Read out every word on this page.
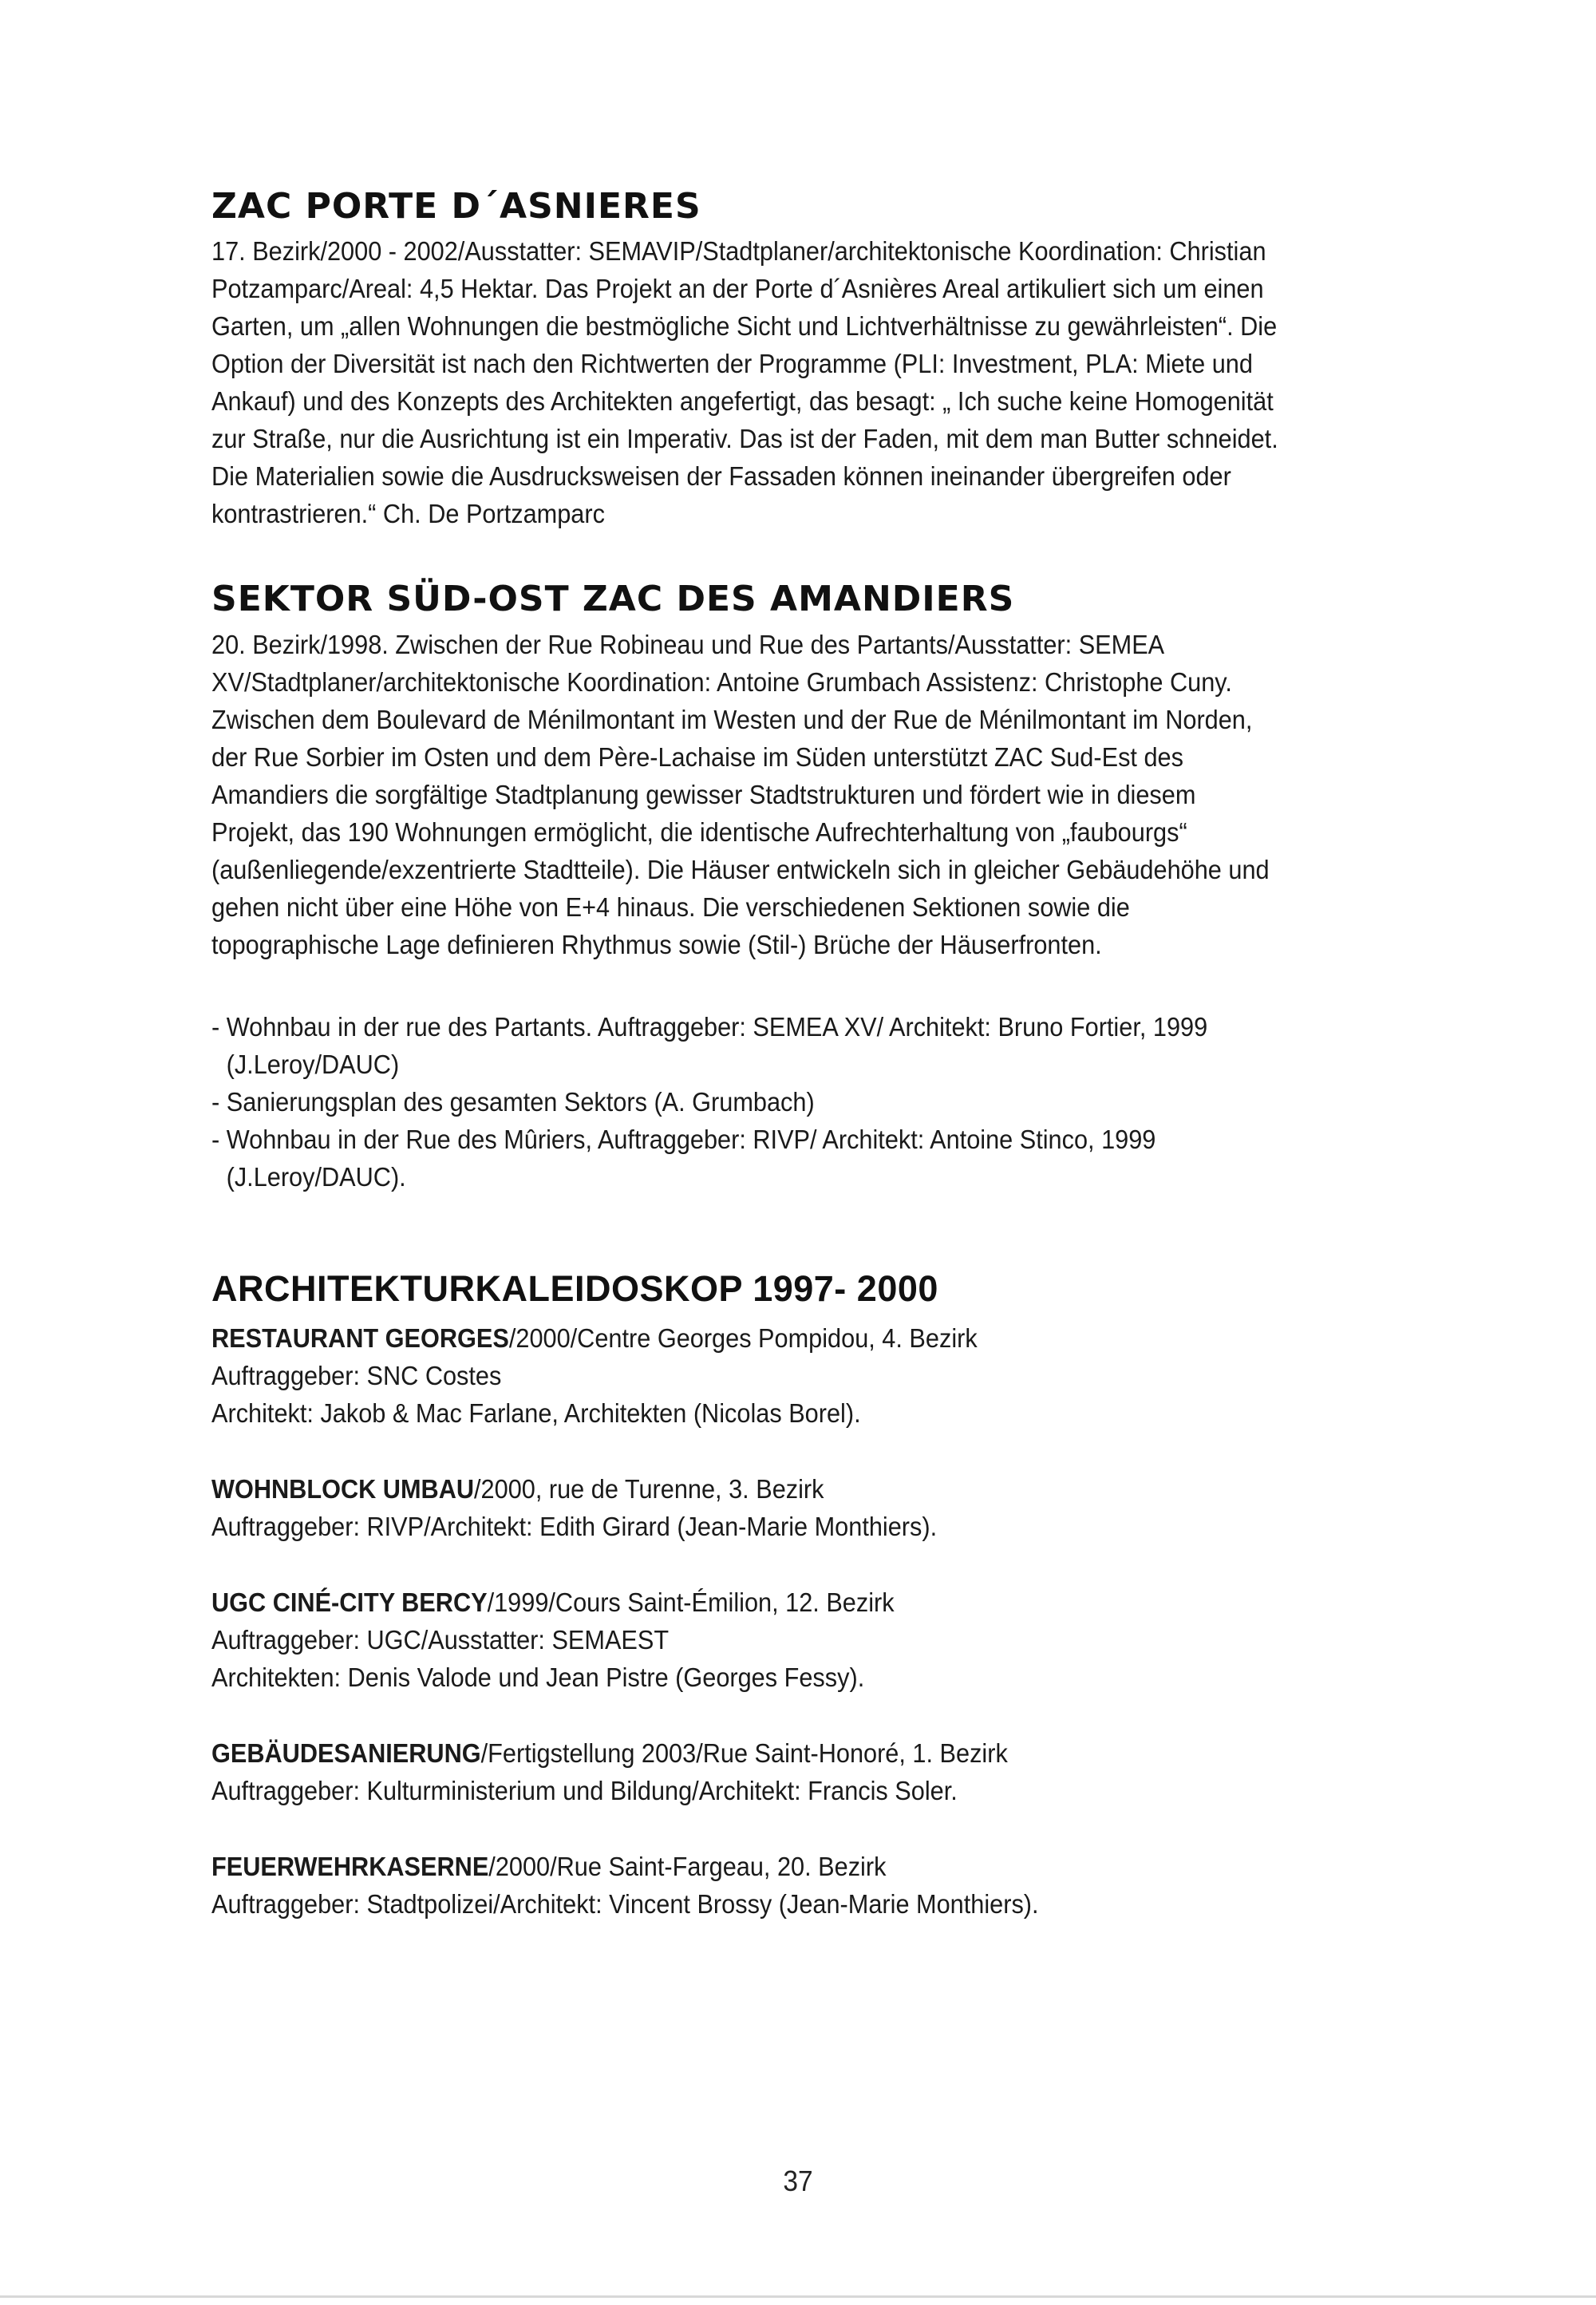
ZAC PORTE D´ASNIERES

17. Bezirk/2000 - 2002/Ausstatter: SEMAVIP/Stadtplaner/architektonische Koordination: Christian Potzamparc/Areal: 4,5 Hektar. Das Projekt an der Porte d´Asnières Areal artikuliert sich um einen Garten, um „allen Wohnungen die bestmögliche Sicht und Lichtverhältnisse zu gewährleisten“. Die Option der Diversität ist nach den Richtwerten der Programme (PLI: Investment, PLA: Miete und Ankauf) und des Konzepts des Architekten angefertigt, das besagt: „ Ich suche keine Homogenität zur Straße, nur die Ausrichtung ist ein Imperativ. Das ist der Faden, mit dem man Butter schneidet. Die Materialien sowie die Ausdrucksweisen der Fassaden können ineinander übergreifen oder kontrastrieren.“ Ch. De Portzamparc

SEKTOR SÜD-OST ZAC DES AMANDIERS

20. Bezirk/1998. Zwischen der Rue Robineau und Rue des Partants/Ausstatter: SEMEA XV/Stadtplaner/architektonische Koordination: Antoine Grumbach Assistenz: Christophe Cuny. Zwischen dem Boulevard de Ménilmontant im Westen und der Rue de Ménilmontant im Norden, der Rue Sorbier im Osten und dem Père-Lachaise im Süden unterstützt ZAC Sud-Est des Amandiers die sorgfältige Stadtplanung gewisser Stadtstrukturen und fördert wie in diesem Projekt, das 190 Wohnungen ermöglicht, die identische Aufrechterhaltung von „faubourgs“ (außenliegende/exzentrierte Stadtteile). Die Häuser entwickeln sich in gleicher Gebäudehöhe und gehen nicht über eine Höhe von E+4 hinaus. Die verschiedenen Sektionen sowie die topographische Lage definieren Rhythmus sowie (Stil-) Brüche der Häuserfronten.

- Wohnbau in der rue des Partants. Auftraggeber: SEMEA XV/ Architekt: Bruno Fortier, 1999 (J.Leroy/DAUC)
- Sanierungsplan des gesamten Sektors (A. Grumbach)
- Wohnbau in der Rue des Mûriers, Auftraggeber: RIVP/ Architekt: Antoine Stinco, 1999 (J.Leroy/DAUC).
ARCHITEKTURKALEIDOSKOP 1997- 2000
RESTAURANT GEORGES/2000/Centre Georges Pompidou, 4. Bezirk
Auftraggeber: SNC Costes
Architekt: Jakob & Mac Farlane, Architekten (Nicolas Borel).
WOHNBLOCK UMBAU/2000, rue de Turenne, 3. Bezirk
Auftraggeber: RIVP/Architekt: Edith Girard (Jean-Marie Monthiers).
UGC CINÉ-CITY BERCY/1999/Cours Saint-Émilion, 12. Bezirk
Auftraggeber: UGC/Ausstatter: SEMAEST
Architekten: Denis Valode und Jean Pistre (Georges Fessy).
GEBÄUDESANIERUNG/Fertigstellung 2003/Rue Saint-Honoré, 1. Bezirk
Auftraggeber: Kulturministerium und Bildung/Architekt: Francis Soler.
FEUERWEHRKASERNE/2000/Rue Saint-Fargeau, 20. Bezirk
Auftraggeber: Stadtpolizei/Architekt: Vincent Brossy (Jean-Marie Monthiers).
37
